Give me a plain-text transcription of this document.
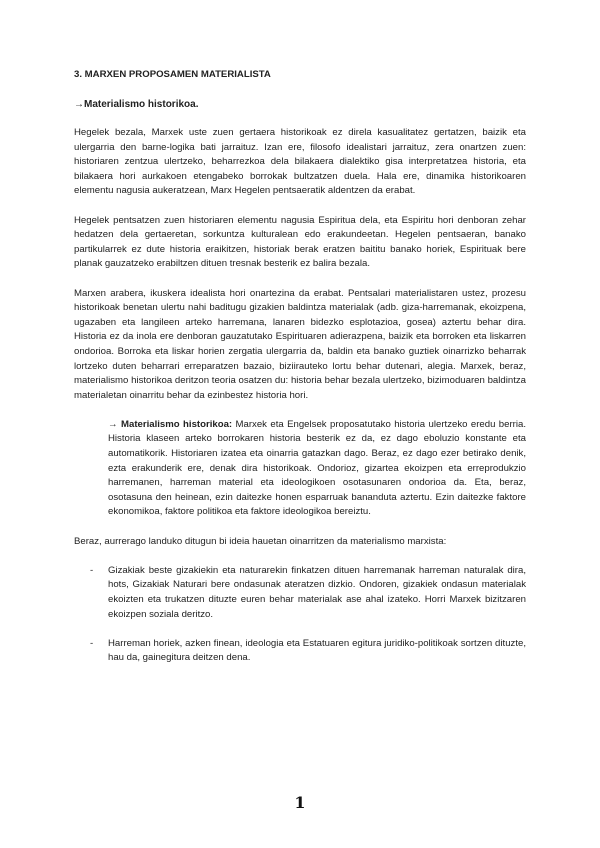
3. MARXEN PROPOSAMEN MATERIALISTA
→Materialismo historikoa.

Hegelek bezala, Marxek uste zuen gertaera historikoak ez direla kasualitatez gertatzen, baizik eta ulergarria den barne-logika bati jarraituz. Izan ere, filosofo idealistari jarraituz, zera onartzen zuen: historiaren zentzua ulertzeko, beharrezkoa dela bilakaera dialektiko gisa interpretatzea historia, eta bilakaera hori aurkakoen etengabeko borrokak bultzatzen duela. Hala ere, dinamika historikoaren elementu nagusia aukeratzean, Marx Hegelen pentsaeratik aldentzen da erabat.

Hegelek pentsatzen zuen historiaren elementu nagusia Espiritua dela, eta Espiritu hori denboran zehar hedatzen dela gertaeretan, sorkuntza kulturalean edo erakundeetan. Hegelen pentsaeran, banako partikularrek ez dute historia eraikitzen, historiak berak eratzen baititu banako horiek, Espirituak bere planak gauzatzeko erabiltzen dituen tresnak besterik ez balira bezala.

Marxen arabera, ikuskera idealista hori onartezina da erabat. Pentsalari materialistaren ustez, prozesu historikoak benetan ulertu nahi baditugu gizakien baldintza materialak (adb. giza-harremanak, ekoizpena, ugazaben eta langileen arteko harremana, lanaren bidezko esplotazioa, gosea) aztertu behar dira. Historia ez da inola ere denboran gauzatutako Espirituaren adierazpena, baizik eta borroken eta liskarren ondorioa. Borroka eta liskar horien zergatia ulergarria da, baldin eta banako guztiek oinarrizko beharrak lortzeko duten beharrari erreparatzen bazaio, biziirauteko lortu behar dutenari, alegia. Marxek, beraz, materialismo historikoa deritzon teoria osatzen du: historia behar bezala ulertzeko, bizimoduaren baldintza materialetan oinarritu behar da ezinbestez historia hori.

→ Materialismo historikoa: Marxek eta Engelsek proposatutako historia ulertzeko eredu berria. Historia klaseen arteko borrokaren historia besterik ez da, ez dago eboluzio konstante eta automatikorik. Historiaren izatea eta oinarria gatazkan dago. Beraz, ez dago ezer betirako denik, ezta erakunderik ere, denak dira historikoak. Ondorioz, gizartea ekoizpen eta erreprodukzio harremanen, harreman material eta ideologikoen osotasunaren ondorioa da. Eta, beraz, osotasuna den heinean, ezin daitezke honen esparruak bananduta aztertu. Ezin daitezke faktore ekonomikoa, faktore politikoa eta faktore ideologikoa bereiztu.

Beraz, aurrerago landuko ditugun bi ideia hauetan oinarritzen da materialismo marxista:

- Gizakiak beste gizakiekin eta naturarekin finkatzen dituen harremanak harreman naturalak dira, hots, Gizakiak Naturari bere ondasunak ateratzen dizkio. Ondoren, gizakiek ondasun materialak ekoizten eta trukatzen dituzte euren behar materialak ase ahal izateko. Horri Marxek bizitzaren ekoizpen soziala deritzo.
- Harreman horiek, azken finean, ideologia eta Estatuaren egitura juridiko-politikoak sortzen dituzte, hau da, gainegitura deitzen dena.
1
